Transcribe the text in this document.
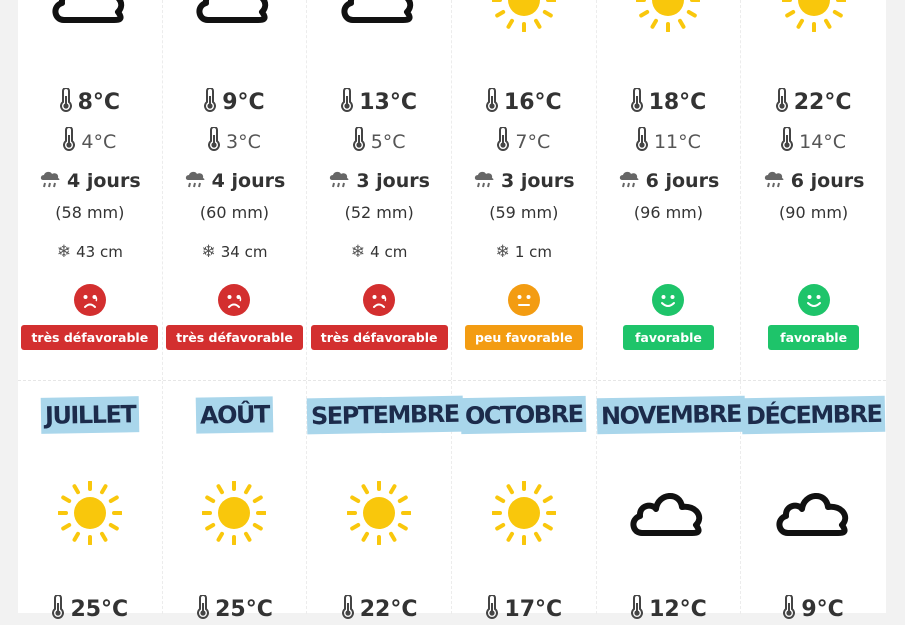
8°C
4°C
4 jours
(58 mm)
❄ 43 cm
très défavorable
9°C
3°C
4 jours
(60 mm)
❄ 34 cm
très défavorable
13°C
5°C
3 jours
(52 mm)
❄ 4 cm
très défavorable
16°C
7°C
3 jours
(59 mm)
❄ 1 cm
peu favorable
18°C
11°C
6 jours
(96 mm)
favorable
22°C
14°C
6 jours
(90 mm)
favorable
JUILLET	AOÛT	SEPTEMBRE OCTOBRE NOVEMBRE DÉCEMBRE
25°C	25°C	22°C	17°C	12°C	9°C
